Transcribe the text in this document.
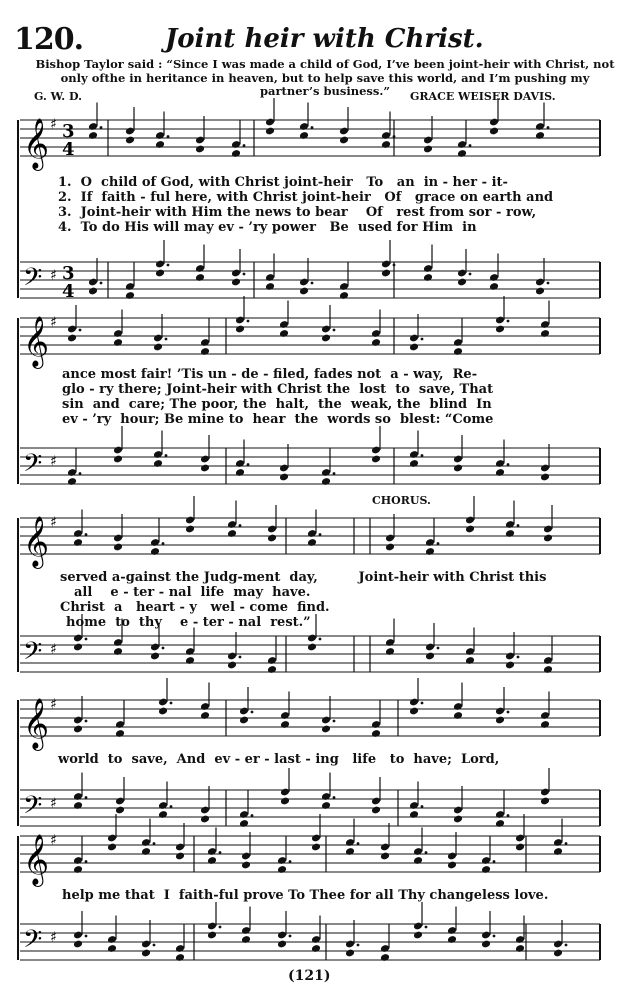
𝄞 ♯ 3
4
𝄢 ♯ 3
4
𝄞 ♯
𝄢 ♯
𝄞 ♯
𝄢 ♯
𝄞 ♯
𝄢 ♯
𝄞 ♯
𝄢 ♯
120.	Joint heir with Christ.
Bishop Taylor said : “Since I was made a child of God, I’ve been joint-heir with Christ, not only ofthe in heritance in heaven, but to help save this world, and I’m pushing my partner’s business.”
G. W. D.	GRACE WEISER DAVIS.
CHORUS.
1.  O  child of God, with Christ joint-heir   To   an  in - her - it-
2.  If  faith - ful here, with Christ joint-heir   Of   grace on earth and
3.  Joint-heir with Him the news to bear    Of   rest from sor - row,
4.  To do His will may ev - ’ry power   Be  used for Him  in
ance most fair! ’Tis un - de - filed, fades not  a - way,  Re-
glo - ry there; Joint-heir with Christ the  lost  to  save, That
sin  and  care; The poor, the  halt,  the  weak, the  blind  In
ev - ’ry  hour; Be mine to  hear  the  words so  blest: “Come
served a-gainst the Judg-ment  day,         Joint-heir with Christ this
all    e - ter - nal  life  may  have.
Christ  a   heart - y   wel - come  find.
home  to  thy    e - ter - nal  rest.”
world  to  save,  And  ev - er - last - ing   life   to  have;  Lord,
help me that  I  faith-ful prove To Thee for all Thy changeless love.
(121)
